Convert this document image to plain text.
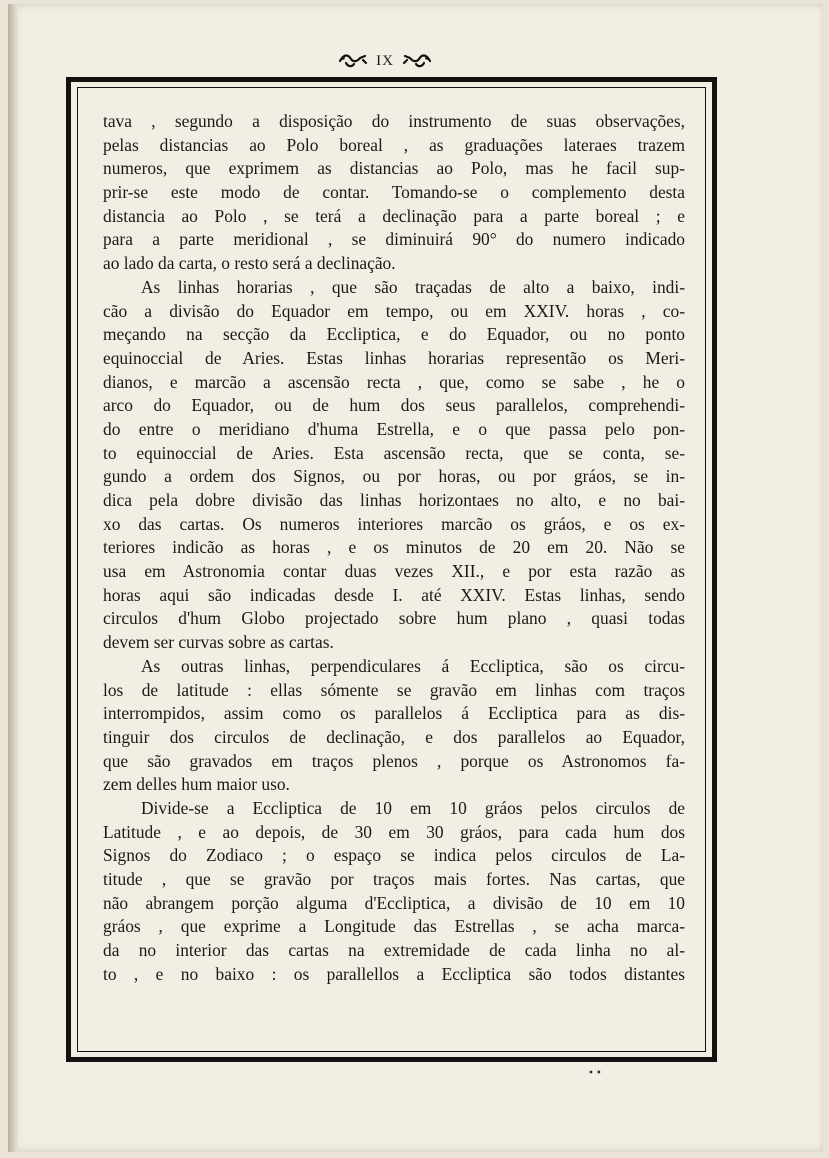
IX
tava , segundo a disposição do instrumento de suas observações,
pelas distancias ao Polo boreal , as graduações lateraes trazem
numeros, que exprimem as distancias ao Polo, mas he facil sup-
prir-se este modo de contar. Tomando-se o complemento desta
distancia ao Polo , se terá a declinação para a parte boreal ; e
para a parte meridional , se diminuirá 90° do numero indicado
ao lado da carta, o resto será a declinação.
As linhas horarias , que são traçadas de alto a baixo, indi-
cão a divisão do Equador em tempo, ou em XXIV. horas , co-
meçando na secção da Eccliptica, e do Equador, ou no ponto
equinoccial de Aries. Estas linhas horarias representão os Meri-
dianos, e marcão a ascensão recta , que, como se sabe , he o
arco do Equador, ou de hum dos seus parallelos, comprehendi-
do entre o meridiano d'huma Estrella, e o que passa pelo pon-
to equinoccial de Aries. Esta ascensão recta, que se conta, se-
gundo a ordem dos Signos, ou por horas, ou por gráos, se in-
dica pela dobre divisão das linhas horizontaes no alto, e no bai-
xo das cartas. Os numeros interiores marcão os gráos, e os ex-
teriores indicão as horas , e os minutos de 20 em 20. Não se
usa em Astronomia contar duas vezes XII., e por esta razão as
horas aqui são indicadas desde I. até XXIV. Estas linhas, sendo
circulos d'hum Globo projectado sobre hum plano , quasi todas
devem ser curvas sobre as cartas.
As outras linhas, perpendiculares á Eccliptica, são os circu-
los de latitude : ellas sómente se gravão em linhas com traços
interrompidos, assim como os parallelos á Eccliptica para as dis-
tinguir dos circulos de declinação, e dos parallelos ao Equador,
que são gravados em traços plenos , porque os Astronomos fa-
zem delles hum maior uso.
Divide-se a Eccliptica de 10 em 10 gráos pelos circulos de
Latitude , e ao depois, de 30 em 30 gráos, para cada hum dos
Signos do Zodiaco ; o espaço se indica pelos circulos de La-
titude , que se gravão por traços mais fortes. Nas cartas, que
não abrangem porção alguma d'Eccliptica, a divisão de 10 em 10
gráos , que exprime a Longitude das Estrellas , se acha marca-
da no interior das cartas na extremidade de cada linha no al-
to , e no baixo : os parallellos a Eccliptica são todos distantes
••
